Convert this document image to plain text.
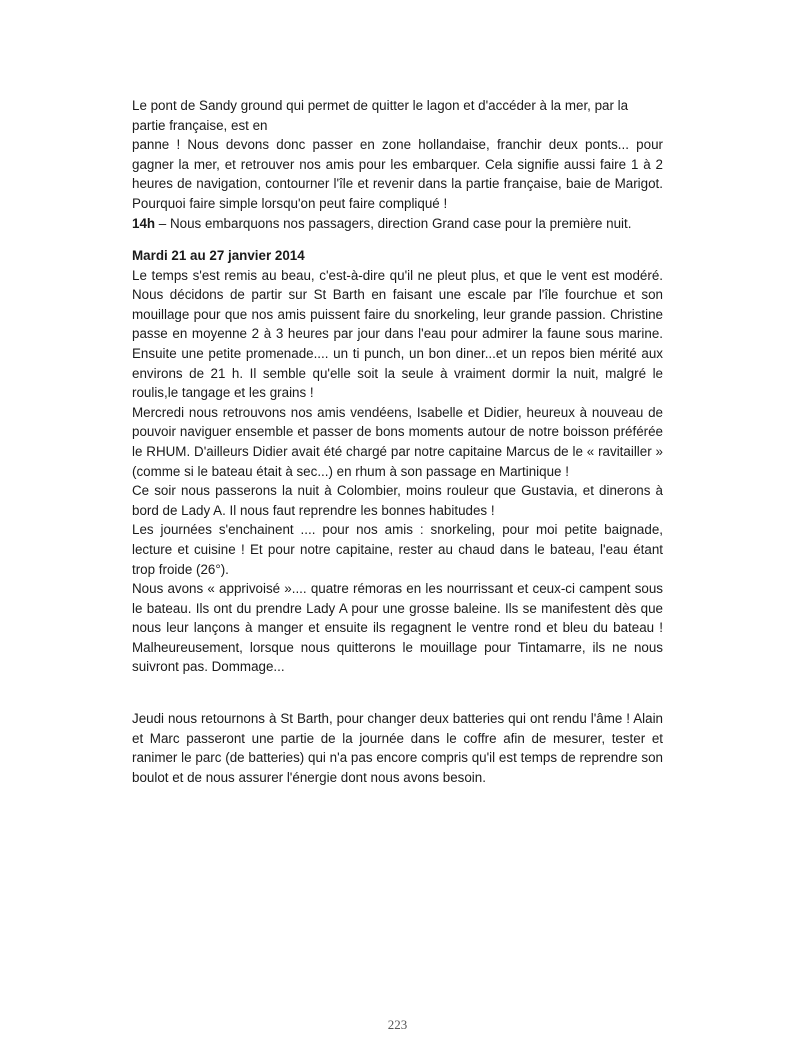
Le pont de Sandy ground qui permet de quitter le lagon et d'accéder à la mer, par la partie française, est en

panne ! Nous devons donc passer en zone hollandaise, franchir deux ponts... pour gagner la mer, et retrouver nos amis pour les embarquer. Cela signifie aussi faire 1 à 2 heures de navigation, contourner l'île et revenir dans la partie française, baie de Marigot. Pourquoi faire simple lorsqu'on peut faire compliqué !

14h – Nous embarquons nos passagers, direction Grand case pour la première nuit.

Mardi 21 au 27 janvier 2014

Le temps s'est remis au beau, c'est-à-dire qu'il ne pleut plus, et que le vent est modéré. Nous décidons de partir sur St Barth en faisant une escale par l'île fourchue et son mouillage pour que nos amis puissent faire du snorkeling, leur grande passion. Christine passe en moyenne 2 à 3 heures par jour dans l'eau pour admirer la faune sous marine. Ensuite une petite promenade.... un ti punch, un bon diner...et un repos bien mérité aux environs de 21 h. Il semble qu'elle soit la seule à vraiment dormir la nuit, malgré le roulis,le tangage et les grains !

Mercredi nous retrouvons nos amis vendéens, Isabelle et Didier, heureux à nouveau de pouvoir naviguer ensemble et passer de bons moments autour de notre boisson préférée le RHUM. D'ailleurs Didier avait été chargé par notre capitaine Marcus de le « ravitailler » (comme si le bateau était à sec...) en rhum à son passage en Martinique !

Ce soir nous passerons la nuit à Colombier, moins rouleur que Gustavia, et dinerons à bord de Lady A. Il nous faut reprendre les bonnes habitudes !

Les journées s'enchainent .... pour nos amis : snorkeling, pour moi petite baignade, lecture et cuisine ! Et pour notre capitaine, rester au chaud dans le bateau, l'eau étant trop froide (26°).

Nous avons « apprivoisé ».... quatre rémoras en les nourrissant et ceux-ci campent sous le bateau. Ils ont du prendre Lady A pour une grosse baleine. Ils se manifestent dès que nous leur lançons à manger et ensuite ils regagnent le ventre rond et bleu du bateau ! Malheureusement, lorsque nous quitterons le mouillage pour Tintamarre, ils ne nous suivront pas. Dommage...

Jeudi nous retournons à St Barth, pour changer deux batteries qui ont rendu l'âme ! Alain et Marc passeront une partie de la journée dans le coffre afin de mesurer, tester et ranimer le parc (de batteries) qui n'a pas encore compris qu'il est temps de reprendre son boulot et de nous assurer l'énergie dont nous avons besoin.

223
